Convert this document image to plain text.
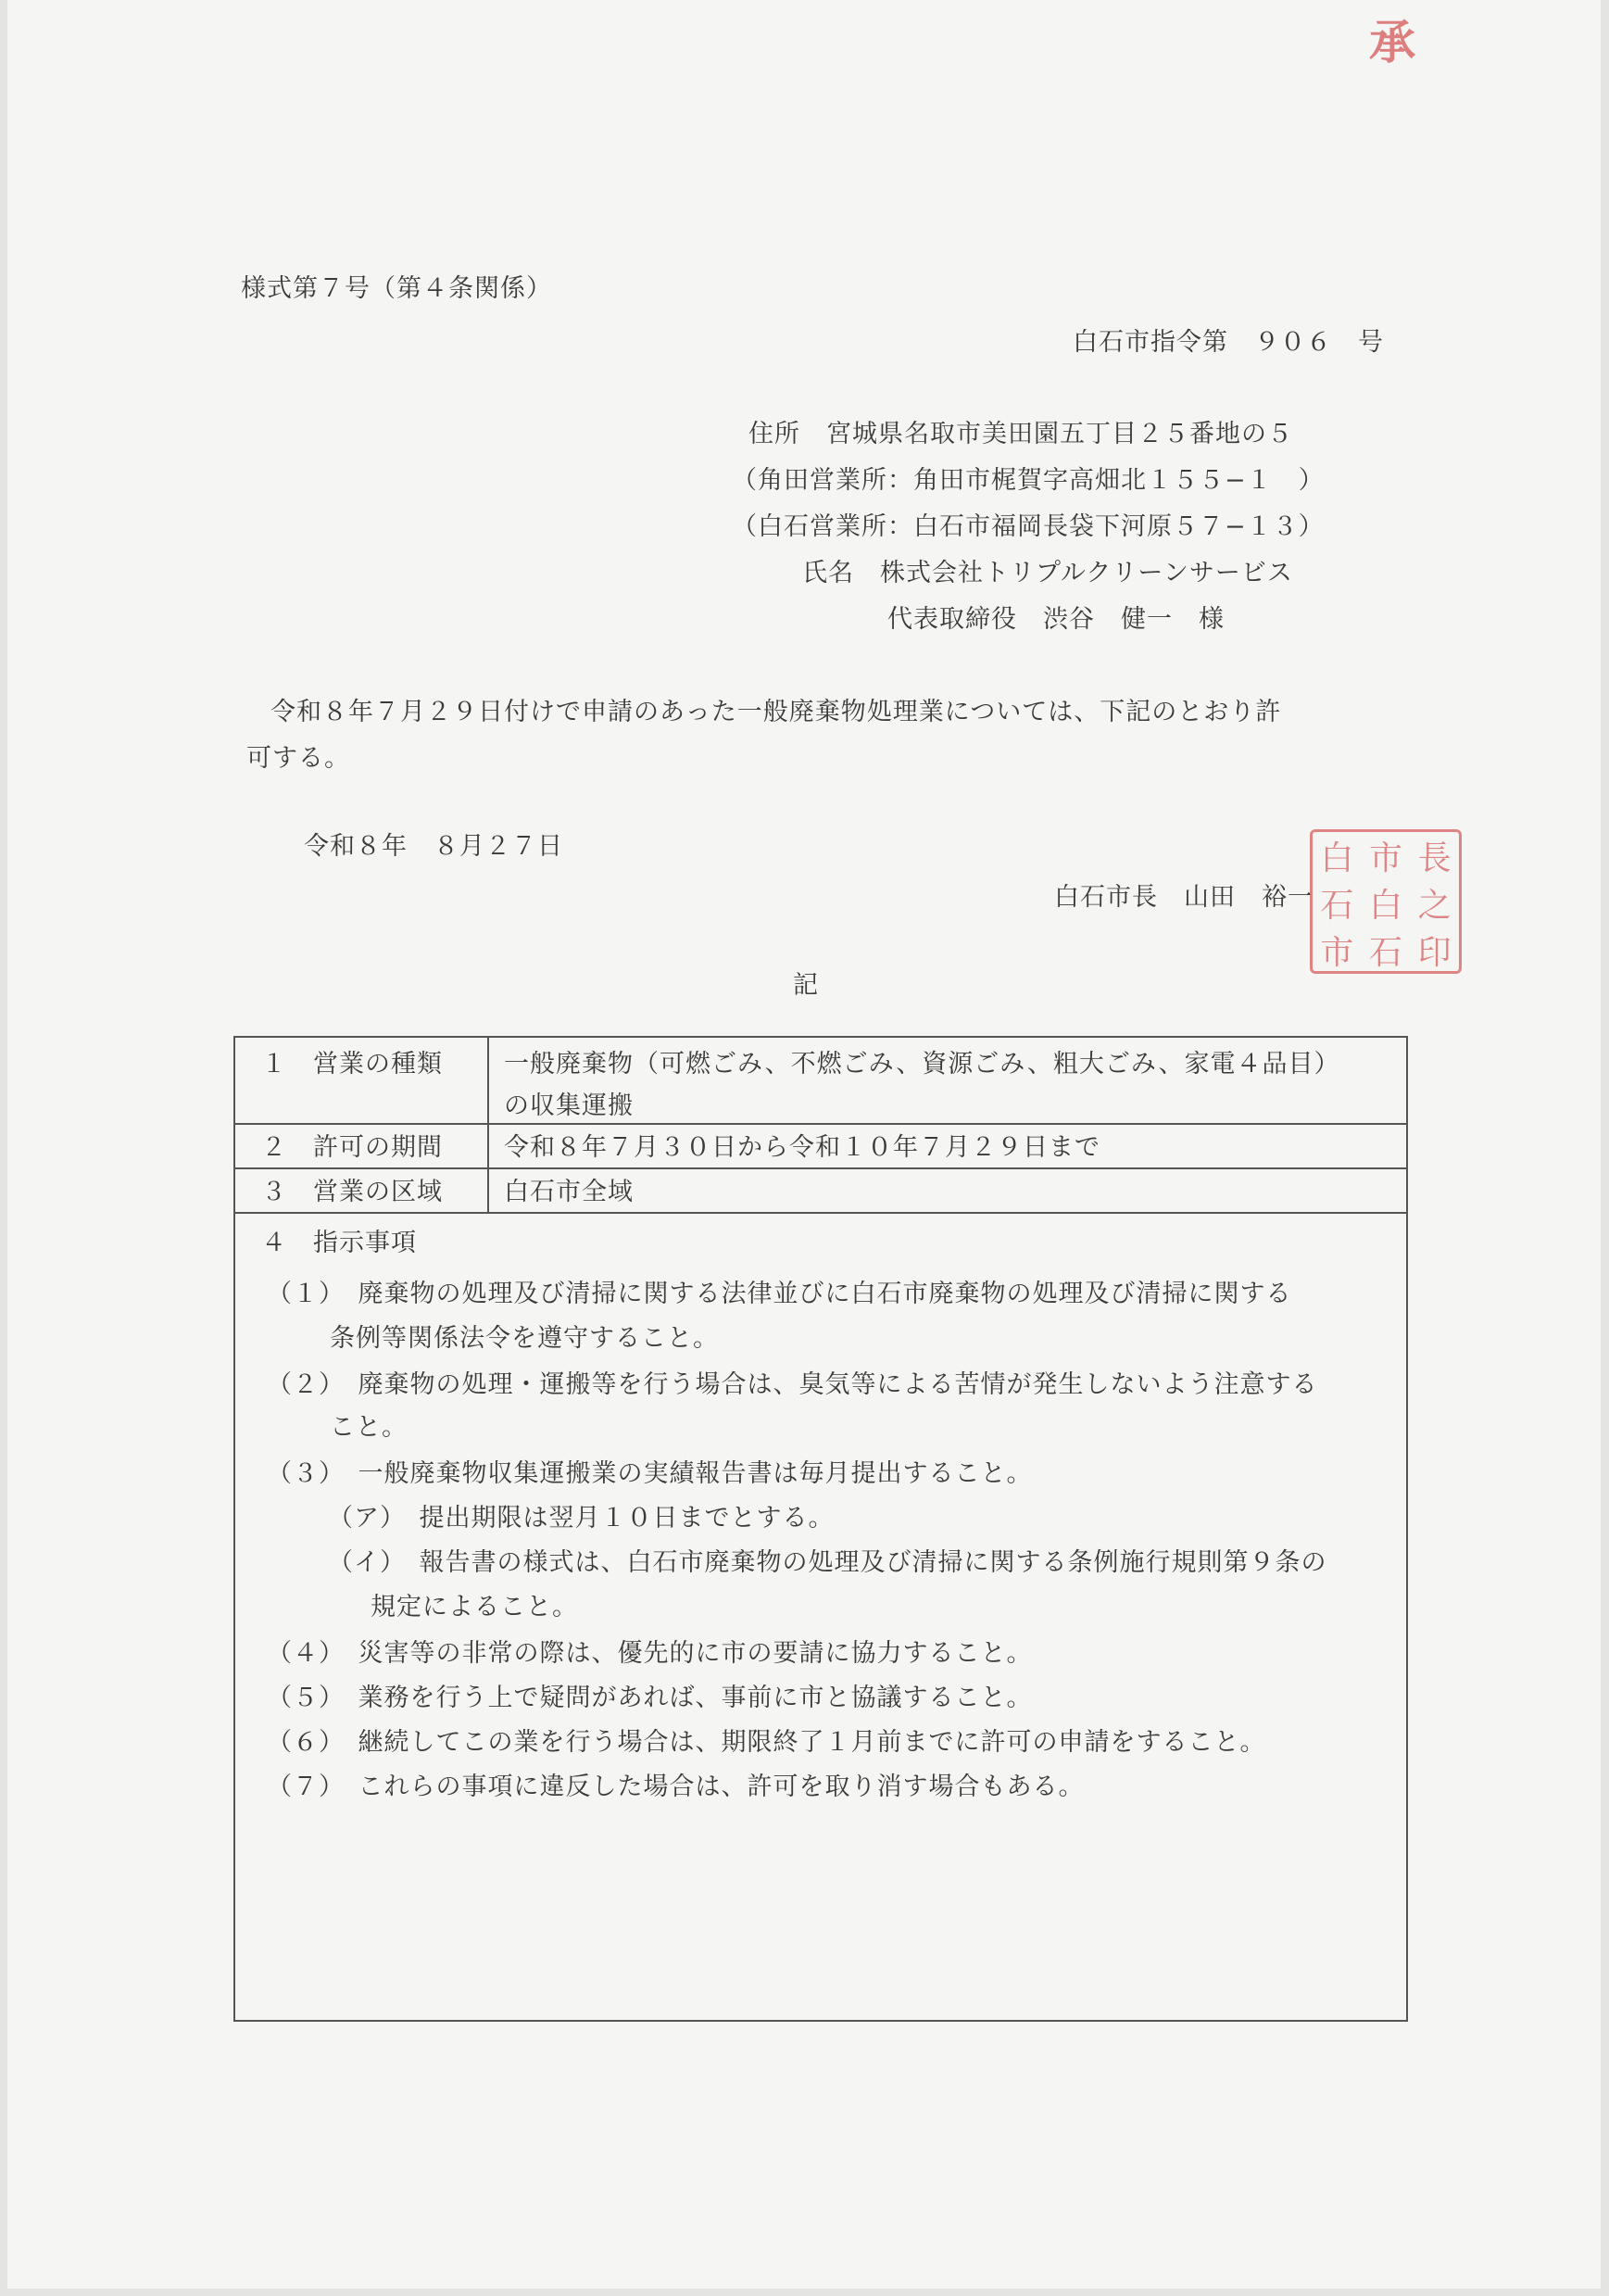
承
様式第７号（第４条関係）
白石市指令第　９０６　号
住所　宮城県名取市美田園五丁目２５番地の５
（角田営業所：角田市梶賀字高畑北１５５−１　）
（白石営業所：白石市福岡長袋下河原５７−１３）
氏名　株式会社トリプルクリーンサービス
代表取締役　渋谷　健一　様
令和８年７月２９日付けで申請のあった一般廃棄物処理業については、下記のとおり許
可する。
令和８年　８月２７日
白石市長　山田　裕一
白 市 長
石 白 之
市 石 印
記
１　営業の種類 一般廃棄物（可燃ごみ、不燃ごみ、資源ごみ、粗大ごみ、家電４品目）
の収集運搬
２　許可の期間 令和８年７月３０日から令和１０年７月２９日まで
３　営業の区域 白石市全域
４　指示事項
（１）　廃棄物の処理及び清掃に関する法律並びに白石市廃棄物の処理及び清掃に関する
条例等関係法令を遵守すること。
（２）　廃棄物の処理・運搬等を行う場合は、臭気等による苦情が発生しないよう注意する
こと。
（３）　一般廃棄物収集運搬業の実績報告書は毎月提出すること。
（ア）　提出期限は翌月１０日までとする。
（イ）　報告書の様式は、白石市廃棄物の処理及び清掃に関する条例施行規則第９条の
規定によること。
（４）　災害等の非常の際は、優先的に市の要請に協力すること。
（５）　業務を行う上で疑問があれば、事前に市と協議すること。
（６）　継続してこの業を行う場合は、期限終了１月前までに許可の申請をすること。
（７）　これらの事項に違反した場合は、許可を取り消す場合もある。
